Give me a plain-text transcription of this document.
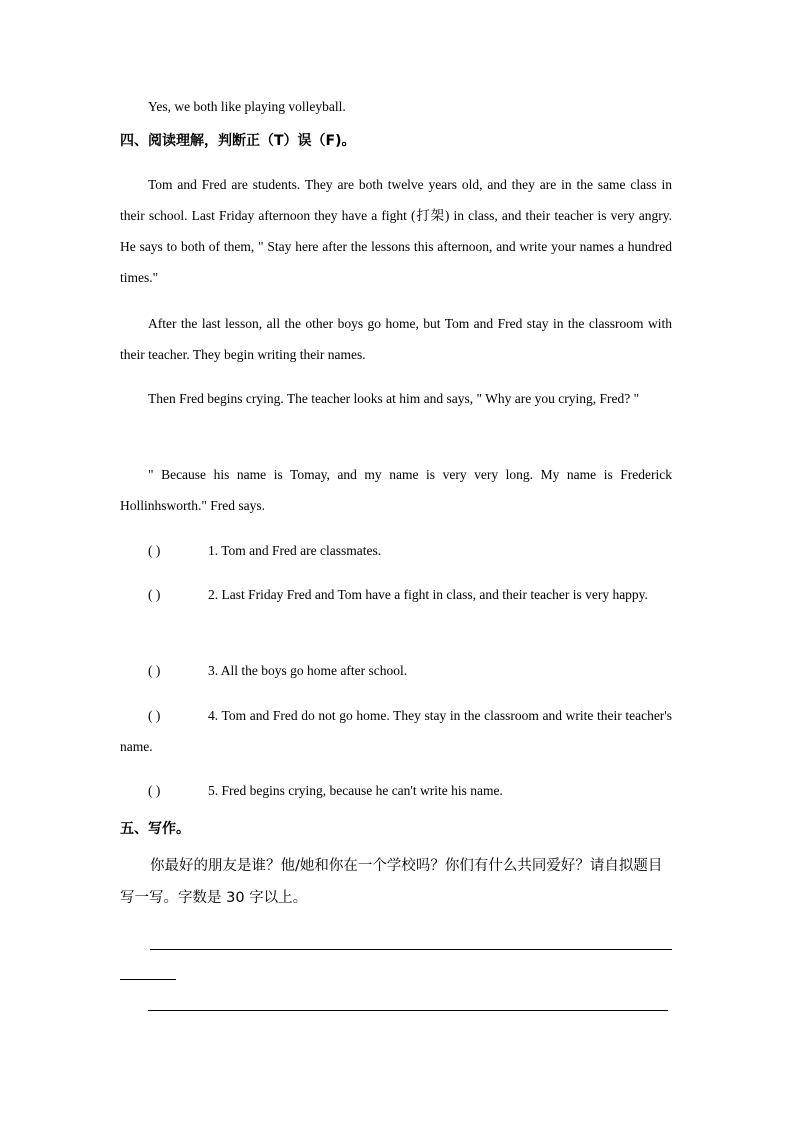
Yes, we both like playing volleyball.
四、阅读理解，判断正（T）误（F)。
Tom and Fred are students. They are both twelve years old, and they are in the same class in their school. Last Friday afternoon they have a fight (打架) in class, and their teacher is very angry. He says to both of them, " Stay here after the lessons this afternoon, and write your names a hundred times."
After the last lesson, all the other boys go home, but Tom and Fred stay in the classroom with their teacher. They begin writing their names.
Then Fred begins crying. The teacher looks at him and says, " Why are you crying, Fred? "
" Because his name is Tomay, and my name is very very long. My name is Frederick Hollinhsworth." Fred says.
( )	1. Tom and Fred are classmates.
( )	2. Last Friday Fred and Tom have a fight in class, and their teacher is very happy.
( )	3. All the boys go home after school.
( )	4. Tom and Fred do not go home. They stay in the classroom and write their teacher's name.
( )	5. Fred begins crying, because he can't write his name.
五、写作。
你最好的朋友是谁？他/她和你在一个学校吗？你们有什么共同爱好？请自拟题目写一写。字数是 30 字以上。
